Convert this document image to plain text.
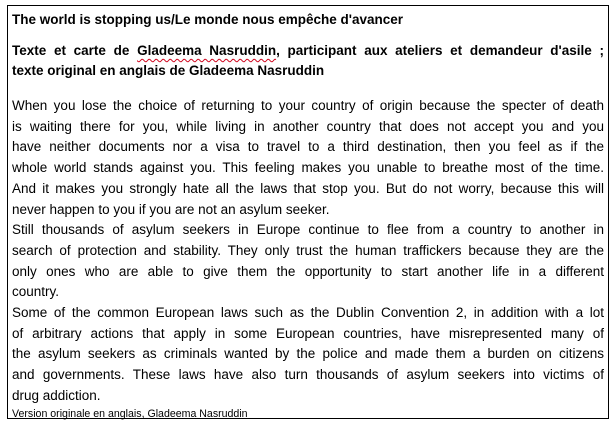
The world is stopping us/Le monde nous empêche d'avancer

Texte et carte de Gladeema Nasruddin, participant aux ateliers et demandeur d'asile ;
texte original en anglais de Gladeema Nasruddin

When you lose the choice of returning to your country of origin because the specter of death
is waiting there for you, while living in another country that does not accept you and you
have neither documents nor a visa to travel to a third destination, then you feel as if the
whole world stands against you. This feeling makes you unable to breathe most of the time.
And it makes you strongly hate all the laws that stop you. But do not worry, because this will
never happen to you if you are not an asylum seeker.

Still thousands of asylum seekers in Europe continue to flee from a country to another in
search of protection and stability. They only trust the human traffickers because they are the
only ones who are able to give them the opportunity to start another life in a different
country.

Some of the common European laws such as the Dublin Convention 2, in addition with a lot
of arbitrary actions that apply in some European countries, have misrepresented many of
the asylum seekers as criminals wanted by the police and made them a burden on citizens
and governments. These laws have also turn thousands of asylum seekers into victims of
drug addiction.

Version originale en anglais, Gladeema Nasruddin
